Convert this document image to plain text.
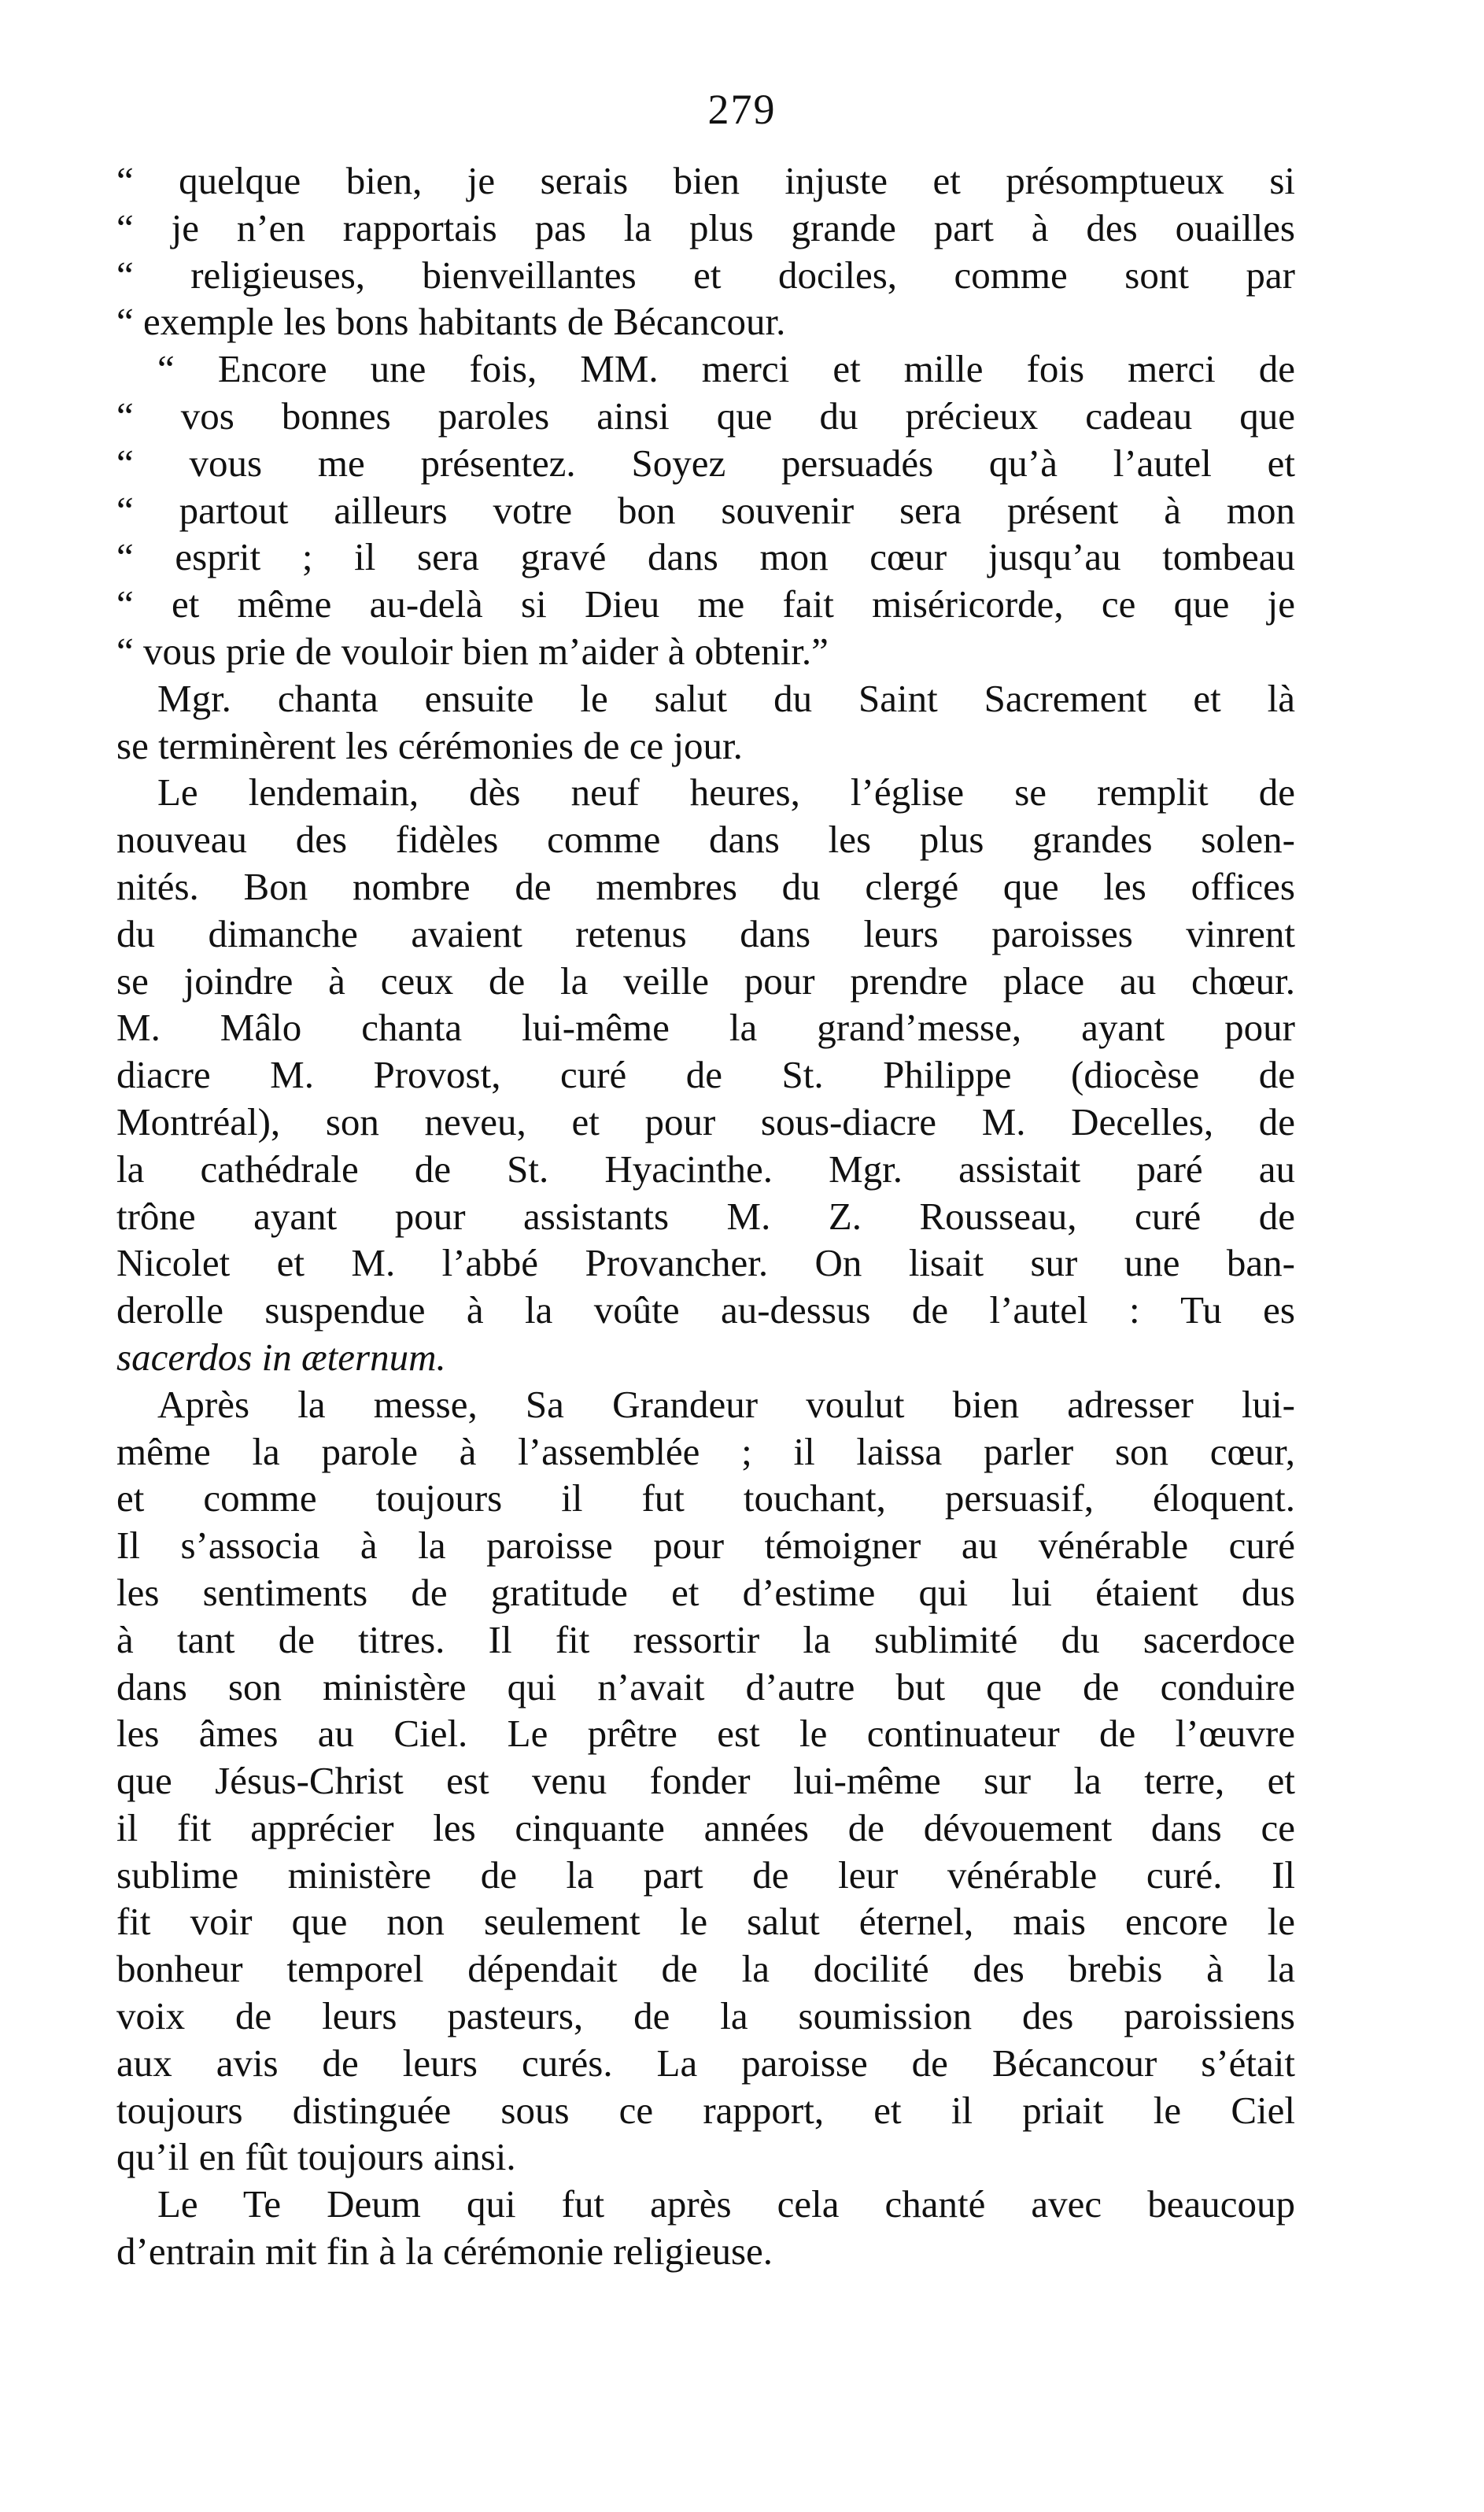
279
“ quelque bien, je serais bien injuste et présomptueux si
“ je n’en rapportais pas la plus grande part à des ouailles
“ religieuses, bienveillantes et dociles, comme sont par
“ exemple les bons habitants de Bécancour.
“ Encore une fois, MM. merci et mille fois merci de
“ vos bonnes paroles ainsi que du précieux cadeau que
“ vous me présentez. Soyez persuadés qu’à l’autel et
“ partout ailleurs votre bon souvenir sera présent à mon
“ esprit ; il sera gravé dans mon cœur jusqu’au tombeau
“ et même au-delà si Dieu me fait miséricorde, ce que je
“ vous prie de vouloir bien m’aider à obtenir.”
Mgr. chanta ensuite le salut du Saint Sacrement et là
se terminèrent les cérémonies de ce jour.
Le lendemain, dès neuf heures, l’église se remplit de
nouveau des fidèles comme dans les plus grandes solen-
nités. Bon nombre de membres du clergé que les offices
du dimanche avaient retenus dans leurs paroisses vinrent
se joindre à ceux de la veille pour prendre place au chœur.
M. Mâlo chanta lui-même la grand’messe, ayant pour
diacre M. Provost, curé de St. Philippe (diocèse de
Montréal), son neveu, et pour sous-diacre M. Decelles, de
la cathédrale de St. Hyacinthe. Mgr. assistait paré au
trône ayant pour assistants M. Z. Rousseau, curé de
Nicolet et M. l’abbé Provancher. On lisait sur une ban-
derolle suspendue à la voûte au-dessus de l’autel : Tu es
sacerdos in æternum.
Après la messe, Sa Grandeur voulut bien adresser lui-
même la parole à l’assemblée ; il laissa parler son cœur,
et comme toujours il fut touchant, persuasif, éloquent.
Il s’associa à la paroisse pour témoigner au vénérable curé
les sentiments de gratitude et d’estime qui lui étaient dus
à tant de titres. Il fit ressortir la sublimité du sacerdoce
dans son ministère qui n’avait d’autre but que de conduire
les âmes au Ciel. Le prêtre est le continuateur de l’œuvre
que Jésus-Christ est venu fonder lui-même sur la terre, et
il fit apprécier les cinquante années de dévouement dans ce
sublime ministère de la part de leur vénérable curé. Il
fit voir que non seulement le salut éternel, mais encore le
bonheur temporel dépendait de la docilité des brebis à la
voix de leurs pasteurs, de la soumission des paroissiens
aux avis de leurs curés. La paroisse de Bécancour s’était
toujours distinguée sous ce rapport, et il priait le Ciel
qu’il en fût toujours ainsi.
Le Te Deum qui fut après cela chanté avec beaucoup
d’entrain mit fin à la cérémonie religieuse.
